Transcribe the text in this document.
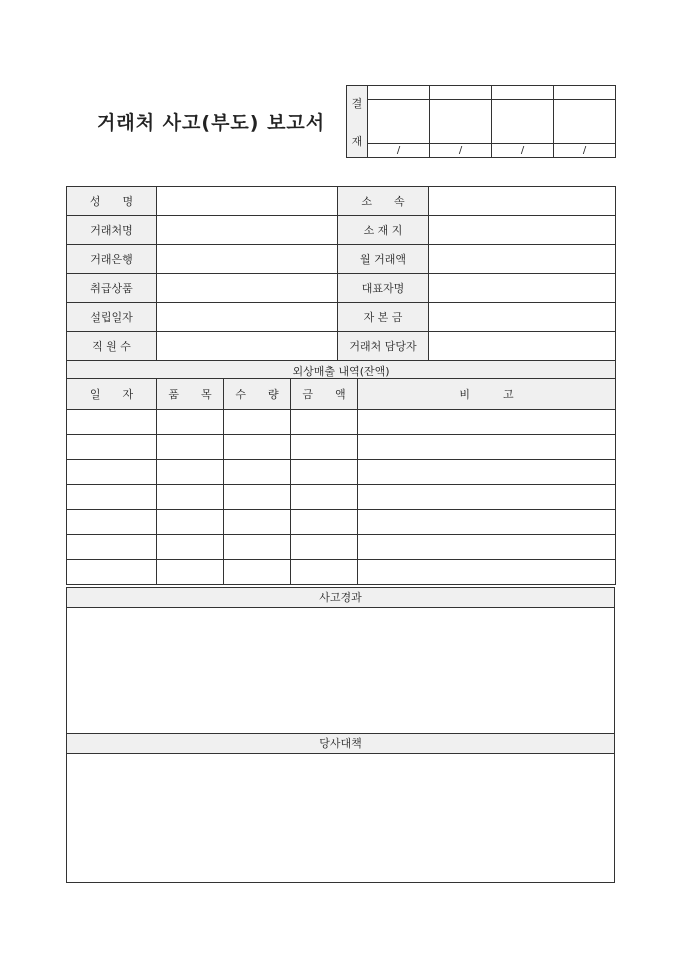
거래처 사고(부도) 보고서
결
재				

	/	/	/	/
성　　명		소　　속	
거래처명		소 재 지	
거래은행		월 거래액	
취급상품		대표자명	
설립일자		자 본 금	
직 원 수		거래처 담당자	
외상매출 내역(잔액)			
일　　자	품　　목	수　　량	금　　액	비　　　고

사고경과
당사대책
